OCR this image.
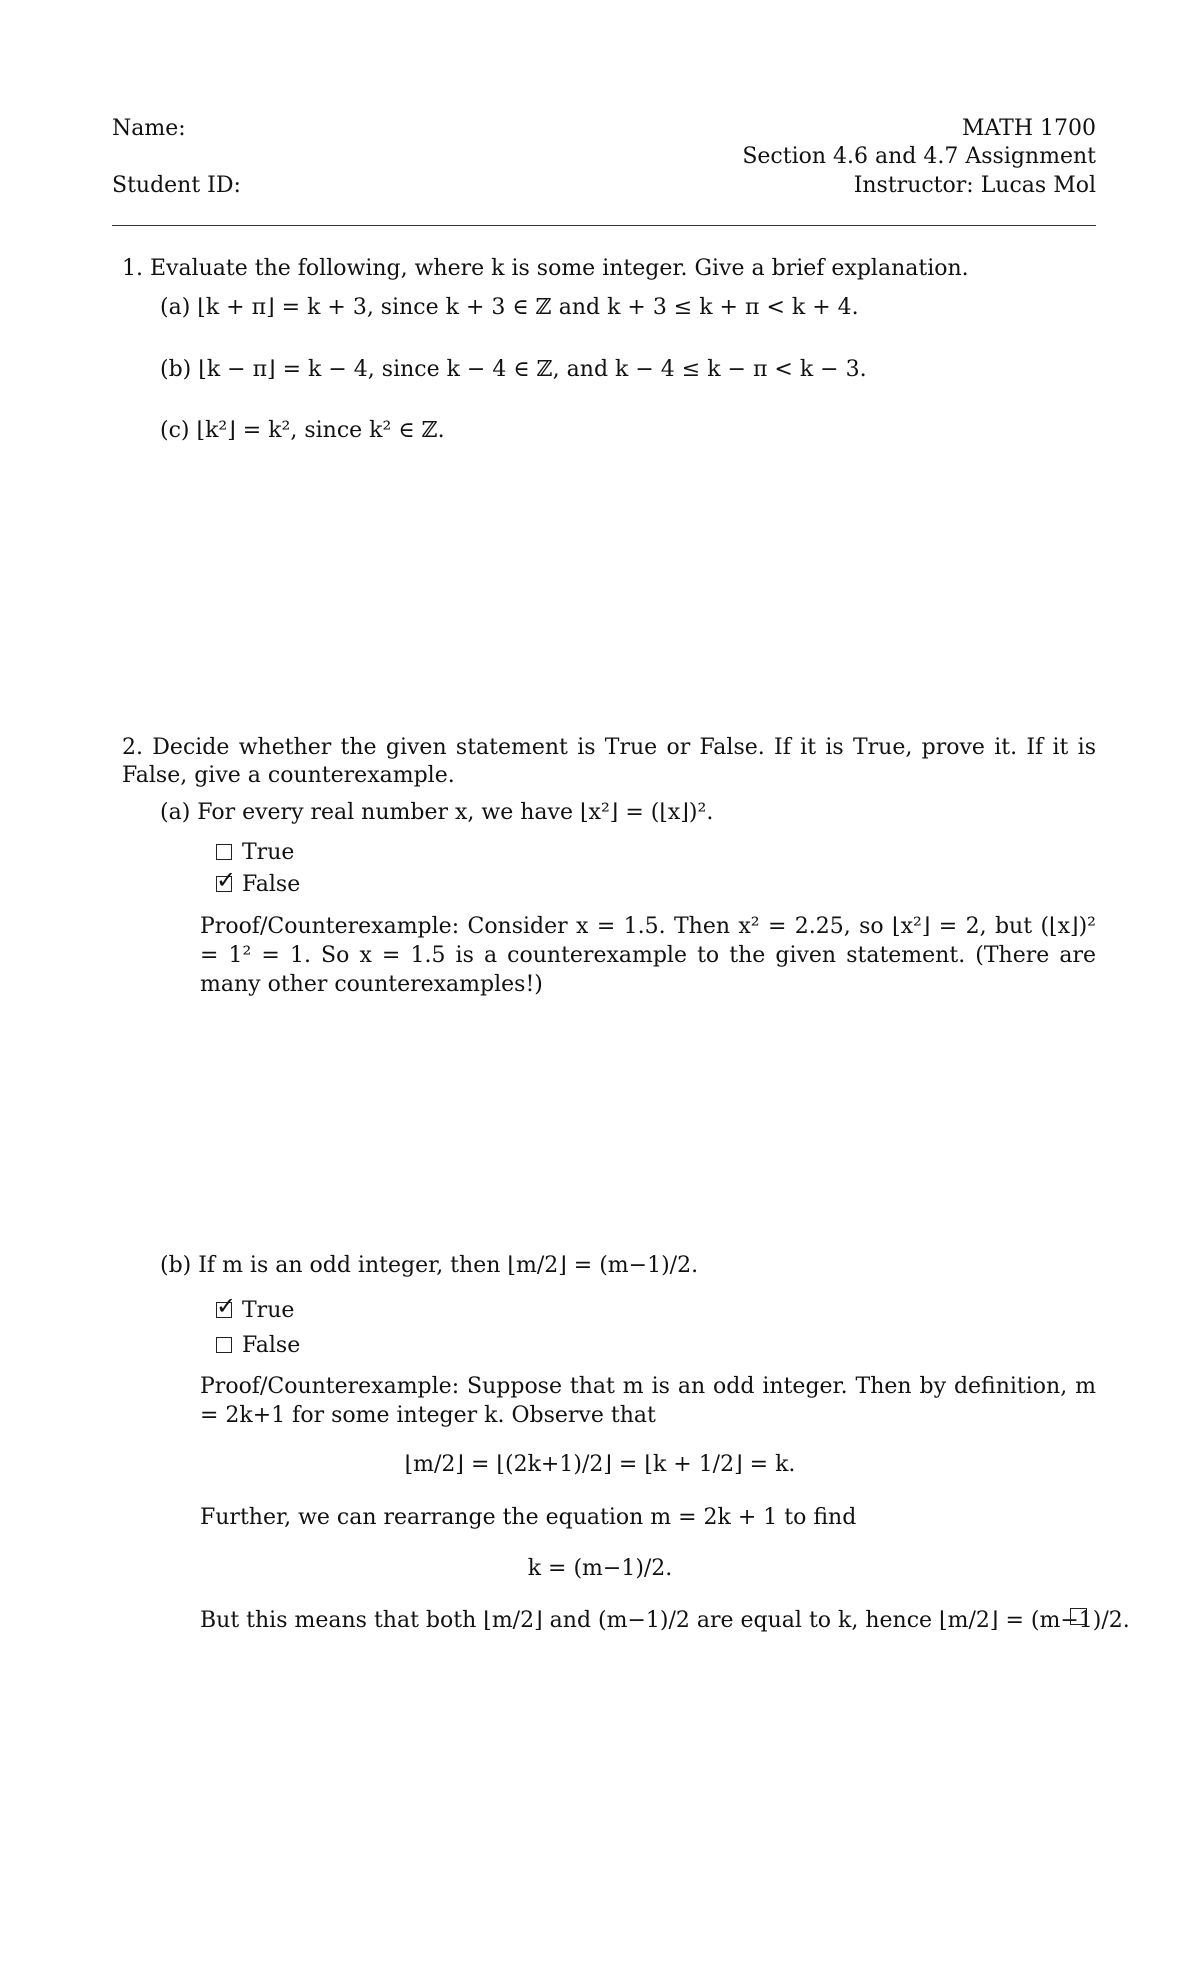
Name:
Student ID:
MATH 1700
Section 4.6 and 4.7 Assignment
Instructor: Lucas Mol
1. Evaluate the following, where k is some integer. Give a brief explanation.
(a) ⌊k + π⌋ = k + 3, since k + 3 ∈ ℤ and k + 3 ≤ k + π < k + 4.
(b) ⌊k − π⌋ = k − 4, since k − 4 ∈ ℤ, and k − 4 ≤ k − π < k − 3.
(c) ⌊k²⌋ = k², since k² ∈ ℤ.
2. Decide whether the given statement is True or False. If it is True, prove it. If it is False, give a counterexample.
(a) For every real number x, we have ⌊x²⌋ = (⌊x⌋)².
True
✓ False
Proof/Counterexample: Consider x = 1.5. Then x² = 2.25, so ⌊x²⌋ = 2, but (⌊x⌋)² = 1² = 1. So x = 1.5 is a counterexample to the given statement. (There are many other counterexamples!)
(b) If m is an odd integer, then ⌊m/2⌋ = (m−1)/2.
✓ True
False
Proof/Counterexample: Suppose that m is an odd integer. Then by definition, m = 2k+1 for some integer k. Observe that
⌊m/2⌋ = ⌊(2k+1)/2⌋ = ⌊k + 1/2⌋ = k.
Further, we can rearrange the equation m = 2k + 1 to find
k = (m−1)/2.
But this means that both ⌊m/2⌋ and (m−1)/2 are equal to k, hence ⌊m/2⌋ = (m−1)/2.
